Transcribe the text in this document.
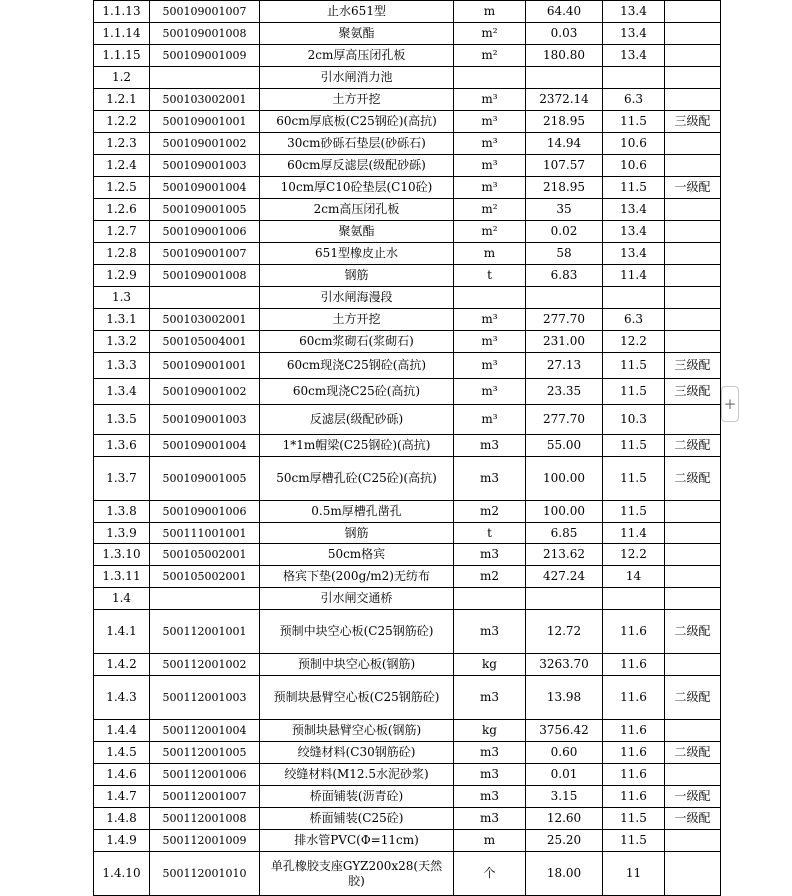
1.1.13	500109001007	止水651型	m	64.40	13.4	
1.1.14	500109001008	聚氨酯	m²	0.03	13.4	
1.1.15	500109001009	2cm厚高压闭孔板	m²	180.80	13.4	
1.2		引水闸消力池				
1.2.1	500103002001	土方开挖	m³	2372.14	6.3	
1.2.2	500109001001	60cm厚底板(C25钢砼)(高抗)	m³	218.95	11.5	三级配
1.2.3	500109001002	30cm砂砾石垫层(砂砾石)	m³	14.94	10.6	
1.2.4	500109001003	60cm厚反滤层(级配砂砾)	m³	107.57	10.6	
1.2.5	500109001004	10cm厚C10砼垫层(C10砼)	m³	218.95	11.5	一级配
1.2.6	500109001005	2cm高压闭孔板	m²	35	13.4	
1.2.7	500109001006	聚氨酯	m²	0.02	13.4	
1.2.8	500109001007	651型橡皮止水	m	58	13.4	
1.2.9	500109001008	钢筋	t	6.83	11.4	
1.3		引水闸海漫段				
1.3.1	500103002001	土方开挖	m³	277.70	6.3	
1.3.2	500105004001	60cm浆砌石(浆砌石)	m³	231.00	12.2	
1.3.3	500109001001	60cm现浇C25钢砼(高抗)	m³	27.13	11.5	三级配
1.3.4	500109001002	60cm现浇C25砼(高抗)	m³	23.35	11.5	三级配
1.3.5	500109001003	反滤层(级配砂砾)	m³	277.70	10.3	
1.3.6	500109001004	1*1m帽梁(C25钢砼)(高抗)	m3	55.00	11.5	二级配
1.3.7	500109001005	50cm厚槽孔砼(C25砼)(高抗)	m3	100.00	11.5	二级配
1.3.8	500109001006	0.5m厚槽孔凿孔	m2	100.00	11.5	
1.3.9	500111001001	钢筋	t	6.85	11.4	
1.3.10	500105002001	50cm格宾	m3	213.62	12.2	
1.3.11	500105002001	格宾下垫(200g/m2)无纺布	m2	427.24	14	
1.4		引水闸交通桥				
1.4.1	500112001001	预制中块空心板(C25钢筋砼)	m3	12.72	11.6	二级配
1.4.2	500112001002	预制中块空心板(钢筋)	kg	3263.70	11.6	
1.4.3	500112001003	预制块悬臂空心板(C25钢筋砼)	m3	13.98	11.6	二级配
1.4.4	500112001004	预制块悬臂空心板(钢筋)	kg	3756.42	11.6	
1.4.5	500112001005	绞缝材料(C30钢筋砼)	m3	0.60	11.6	二级配
1.4.6	500112001006	绞缝材料(M12.5水泥砂浆)	m3	0.01	11.6	
1.4.7	500112001007	桥面铺装(沥青砼)	m3	3.15	11.6	一级配
1.4.8	500112001008	桥面铺装(C25砼)	m3	12.60	11.5	一级配
1.4.9	500112001009	排水管PVC(Φ=11cm)	m	25.20	11.5	
1.4.10	500112001010	单孔橡胶支座GYZ200x28(天然胶)	个	18.00	11	
+
